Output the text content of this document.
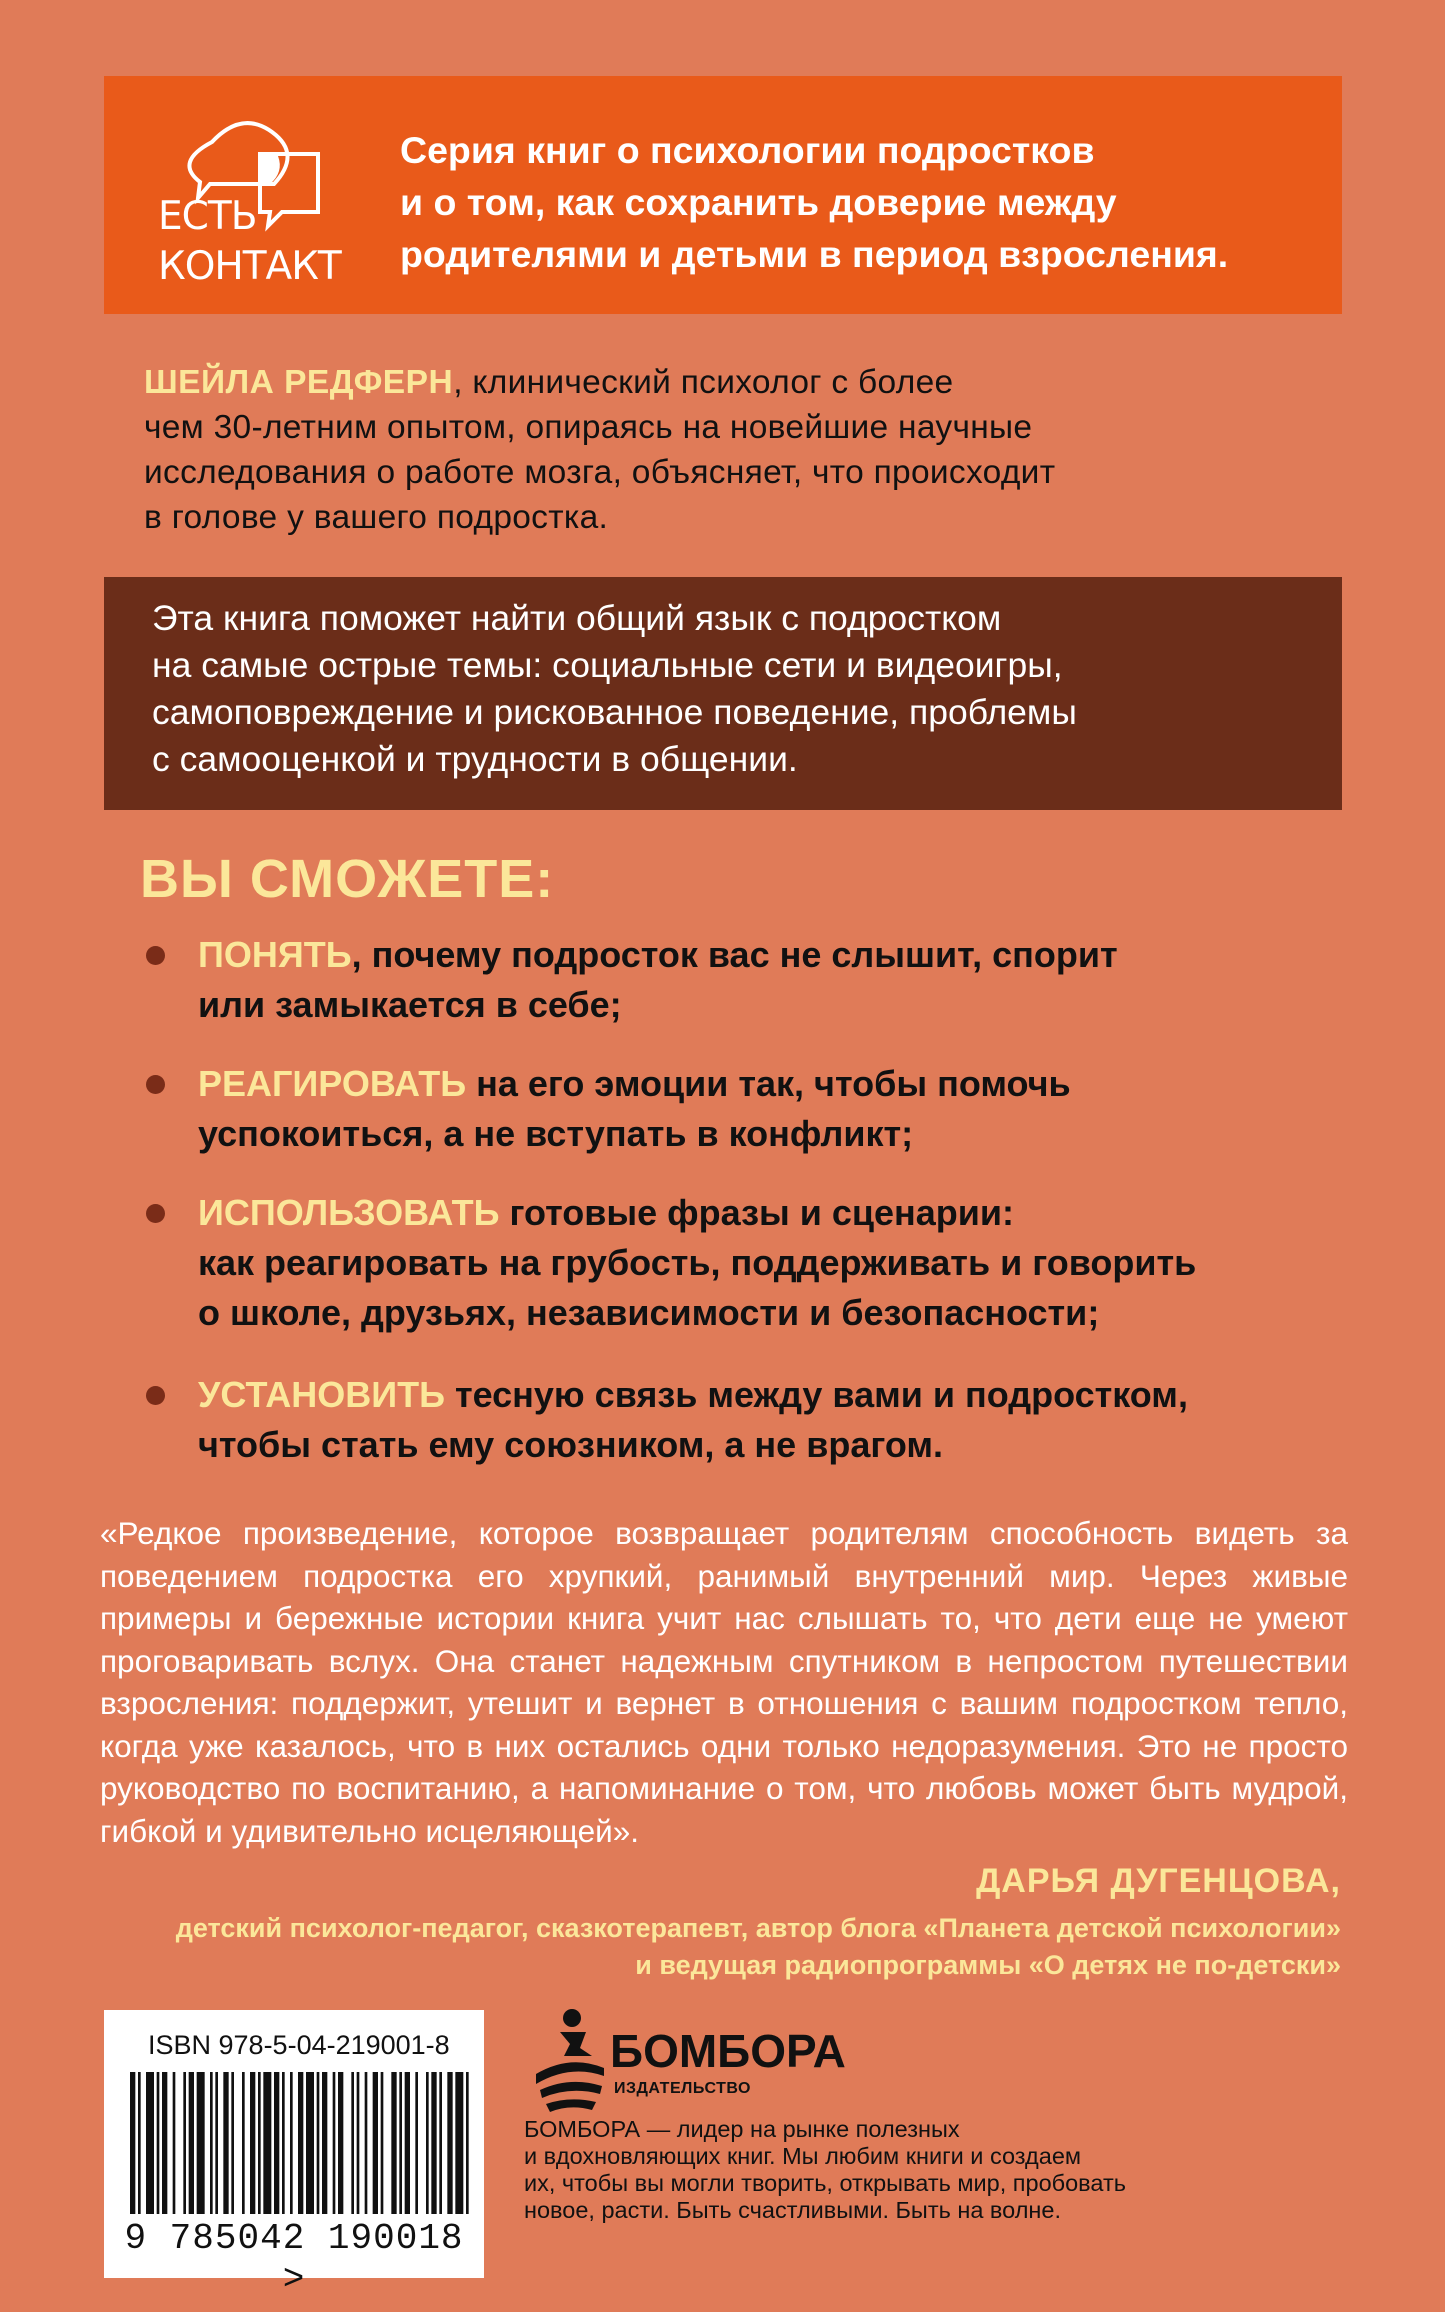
ЕСТЬ
КОНТАКТ
Серия книг о психологии подростков
и о том, как сохранить доверие между
родителями и детьми в период взросления.
ШЕЙЛА РЕДФЕРН, клинический психолог с более
чем 30-летним опытом, опираясь на новейшие научные
исследования о работе мозга, объясняет, что происходит
в голове у вашего подростка.
Эта книга поможет найти общий язык с подростком
на самые острые темы: социальные сети и видеоигры,
самоповреждение и рискованное поведение, проблемы
с самооценкой и трудности в общении.
ВЫ СМОЖЕТЕ:
ПОНЯТЬ, почему подросток вас не слышит, спорит
или замыкается в себе;
РЕАГИРОВАТЬ на его эмоции так, чтобы помочь
успокоиться, а не вступать в конфликт;
ИСПОЛЬЗОВАТЬ готовые фразы и сценарии:
как реагировать на грубость, поддерживать и говорить
о школе, друзьях, независимости и безопасности;
УСТАНОВИТЬ тесную связь между вами и подростком,
чтобы стать ему союзником, а не врагом.
«Редкое произведение, которое возвращает родителям способность видеть за поведением подростка его хрупкий, ранимый внутренний мир. Через живые примеры и бережные истории книга учит нас слышать то, что дети еще не умеют проговаривать вслух. Она станет надежным спутником в непростом путешествии взросления: поддержит, утешит и вернет в отношения с вашим подростком тепло, когда уже казалось, что в них остались одни только недоразумения. Это не просто руководство по воспитанию, а напоминание о том, что любовь может быть мудрой, гибкой и удивительно исцеляющей».
ДАРЬЯ ДУГЕНЦОВА,
детский психолог-педагог, сказкотерапевт, автор блога «Планета детской психологии»
и ведущая радиопрограммы «О детях не по-детски»
ISBN 978-5-04-219001-8
9 785042 190018 >
БОМБОРА
ИЗДАТЕЛЬСТВО
БОМБОРА — лидер на рынке полезных
и вдохновляющих книг. Мы любим книги и создаем
их, чтобы вы могли творить, открывать мир, пробовать
новое, расти. Быть счастливыми. Быть на волне.
